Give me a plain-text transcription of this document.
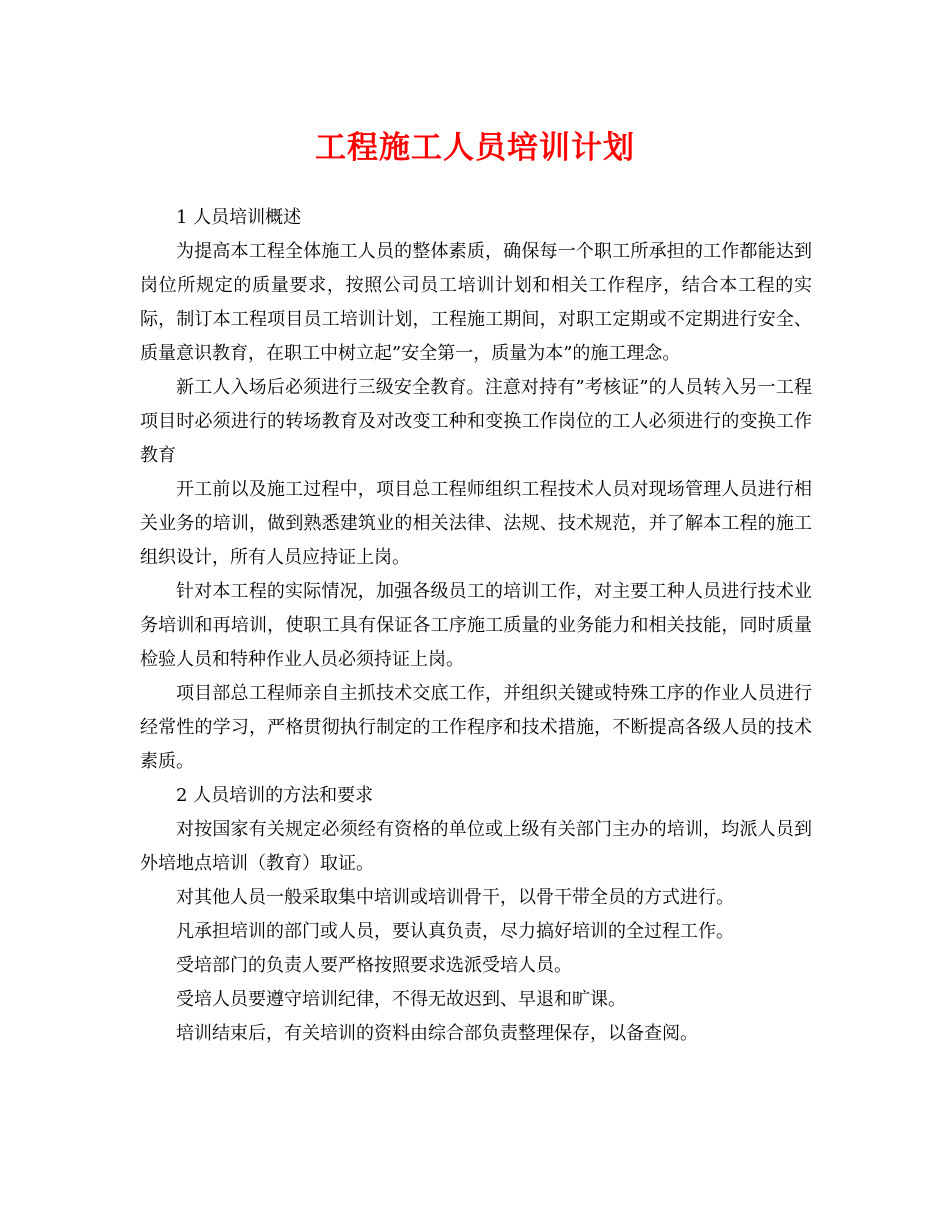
工程施工人员培训计划

1 人员培训概述

为提高本工程全体施工人员的整体素质，确保每一个职工所承担的工作都能达到岗位所规定的质量要求，按照公司员工培训计划和相关工作程序，结合本工程的实际，制订本工程项目员工培训计划，工程施工期间，对职工定期或不定期进行安全、质量意识教育，在职工中树立起”安全第一，质量为本”的施工理念。

新工人入场后必须进行三级安全教育。注意对持有”考核证”的人员转入另一工程项目时必须进行的转场教育及对改变工种和变换工作岗位的工人必须进行的变换工作教育

开工前以及施工过程中，项目总工程师组织工程技术人员对现场管理人员进行相关业务的培训，做到熟悉建筑业的相关法律、法规、技术规范，并了解本工程的施工组织设计，所有人员应持证上岗。

针对本工程的实际情况，加强各级员工的培训工作，对主要工种人员进行技术业务培训和再培训，使职工具有保证各工序施工质量的业务能力和相关技能，同时质量检验人员和特种作业人员必须持证上岗。

项目部总工程师亲自主抓技术交底工作，并组织关键或特殊工序的作业人员进行经常性的学习，严格贯彻执行制定的工作程序和技术措施，不断提高各级人员的技术素质。

2 人员培训的方法和要求

对按国家有关规定必须经有资格的单位或上级有关部门主办的培训，均派人员到外培地点培训（教育）取证。

对其他人员一般采取集中培训或培训骨干，以骨干带全员的方式进行。

凡承担培训的部门或人员，要认真负责，尽力搞好培训的全过程工作。

受培部门的负责人要严格按照要求选派受培人员。

受培人员要遵守培训纪律，不得无故迟到、早退和旷课。

培训结束后，有关培训的资料由综合部负责整理保存，以备查阅。
